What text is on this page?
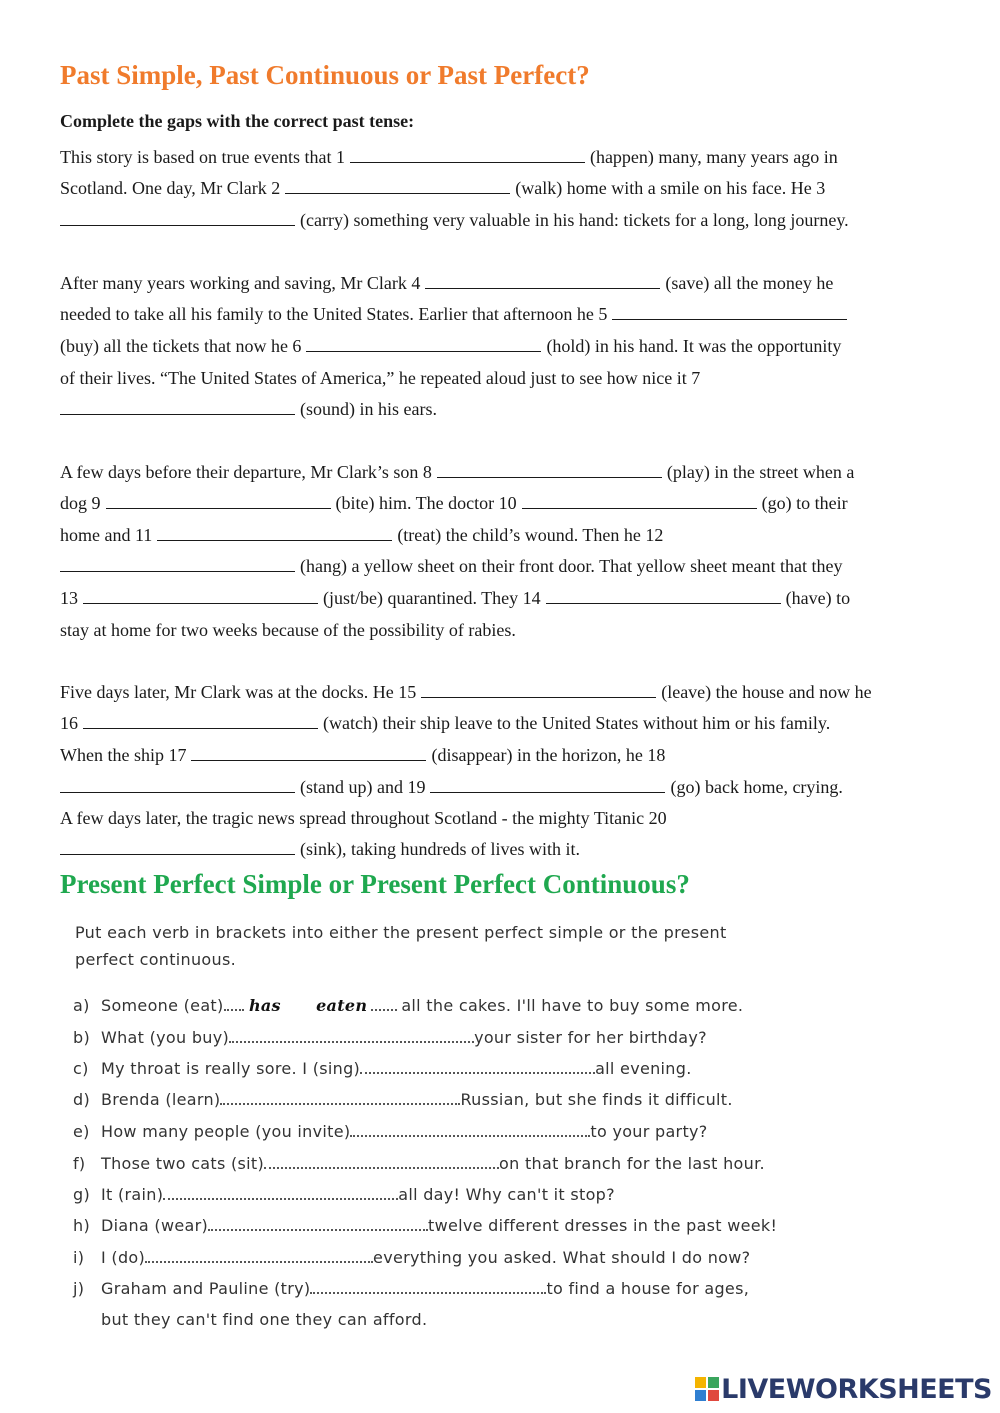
Past Simple, Past Continuous or Past Perfect?

Complete the gaps with the correct past tense:

This story is based on true events that 1	(happen) many, many years ago in
Scotland. One day, Mr Clark 2	(walk) home with a smile on his face. He 3
(carry) something very valuable in his hand: tickets for a long, long journey.
After many years working and saving, Mr Clark 4	(save) all the money he
needed to take all his family to the United States. Earlier that afternoon he 5
(buy) all the tickets that now he 6	(hold) in his hand. It was the opportunity
of their lives. “The United States of America,” he repeated aloud just to see how nice it 7
(sound) in his ears.
A few days before their departure, Mr Clark’s son 8	(play) in the street when a
dog 9	(bite) him. The doctor 10	(go) to their
home and 11	(treat) the child’s wound. Then he 12
(hang) a yellow sheet on their front door. That yellow sheet meant that they
13	(just/be) quarantined. They 14	(have) to
stay at home for two weeks because of the possibility of rabies.
Five days later, Mr Clark was at the docks. He 15	(leave) the house and now he
16	(watch) their ship leave to the United States without him or his family.
When the ship 17	(disappear) in the horizon, he 18
(stand up) and 19	(go) back home, crying.
A few days later, the tragic news spread throughout Scotland - the mighty Titanic 20
(sink), taking hundreds of lives with it.
Present Perfect Simple or Present Perfect Continuous?
Put each verb in brackets into either the present perfect simple or the present
perfect continuous.
a) Someone (eat) has      eaten all the cakes. I'll have to buy some more.
b) What (you buy)	your sister for her birthday?
c) My throat is really sore. I (sing)	all evening.
d) Brenda (learn)	Russian, but she finds it difficult.
e) How many people (you invite)	to your party?
f) Those two cats (sit)	on that branch for the last hour.
g) It (rain)	all day! Why can't it stop?
h) Diana (wear)	twelve different dresses in the past week!
i) I (do)	everything you asked. What should I do now?
j) Graham and Pauline (try)	to find a house for ages,
but they can't find one they can afford.
LIVEWORKSHEETS
